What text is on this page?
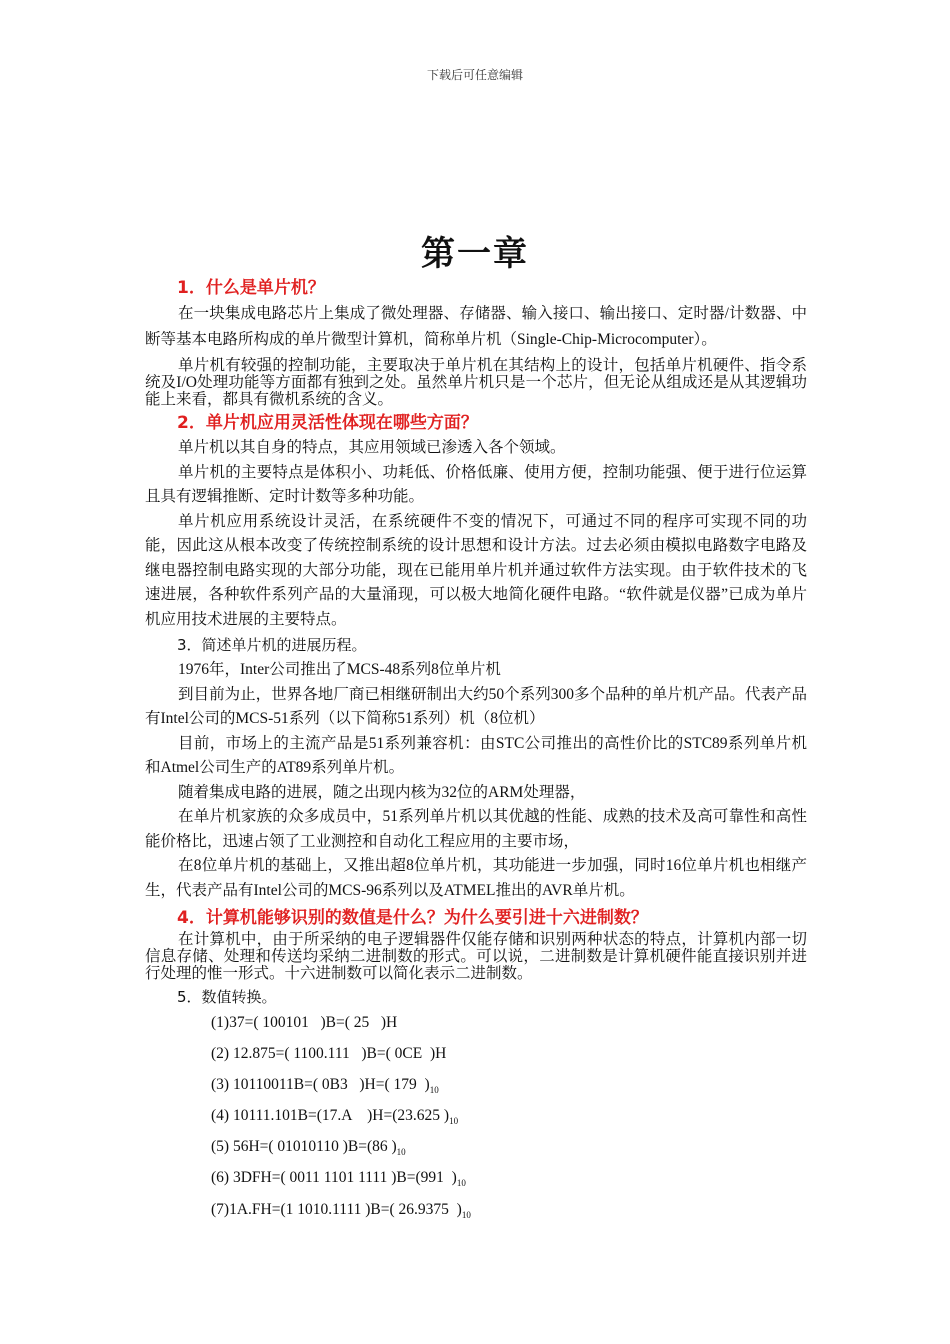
下载后可任意编辑
第一章
1．什么是单片机？

在一块集成电路芯片上集成了微处理器、存储器、输入接口、输出接口、定时器/计数器、中断等基本电路所构成的单片微型计算机，简称单片机（Single-Chip-Microcomputer）。

单片机有较强的控制功能，主要取决于单片机在其结构上的设计，包括单片机硬件、指令系统及I/O处理功能等方面都有独到之处。虽然单片机只是一个芯片，但无论从组成还是从其逻辑功能上来看，都具有微机系统的含义。

2．单片机应用灵活性体现在哪些方面？

单片机以其自身的特点，其应用领域已渗透入各个领域。

单片机的主要特点是体积小、功耗低、价格低廉、使用方便，控制功能强、便于进行位运算且具有逻辑推断、定时计数等多种功能。

单片机应用系统设计灵活，在系统硬件不变的情况下，可通过不同的程序可实现不同的功能，因此这从根本改变了传统控制系统的设计思想和设计方法。过去必须由模拟电路数字电路及继电器控制电路实现的大部分功能，现在已能用单片机并通过软件方法实现。由于软件技术的飞速进展，各种软件系列产品的大量涌现，可以极大地简化硬件电路。“软件就是仪器”已成为单片机应用技术进展的主要特点。

3．简述单片机的进展历程。

1976年，Inter公司推出了MCS-48系列8位单片机

到目前为止，世界各地厂商已相继研制出大约50个系列300多个品种的单片机产品。代表产品有Intel公司的MCS-51系列（以下简称51系列）机（8位机）

目前，市场上的主流产品是51系列兼容机：由STC公司推出的高性价比的STC89系列单片机和Atmel公司生产的AT89系列单片机。

随着集成电路的进展，随之出现内核为32位的ARM处理器，

在单片机家族的众多成员中，51系列单片机以其优越的性能、成熟的技术及高可靠性和高性能价格比，迅速占领了工业测控和自动化工程应用的主要市场，

在8位单片机的基础上，又推出超8位单片机，其功能进一步加强，同时16位单片机也相继产生，代表产品有Intel公司的MCS-96系列以及ATMEL推出的AVR单片机。

4．计算机能够识别的数值是什么？为什么要引进十六进制数？

在计算机中，由于所采纳的电子逻辑器件仅能存储和识别两种状态的特点，计算机内部一切信息存储、处理和传送均采纳二进制数的形式。可以说，二进制数是计算机硬件能直接识别并进行处理的惟一形式。十六进制数可以简化表示二进制数。

5．数值转换。
(1)37=( 100101   )B=( 25   )H
(2) 12.875=( 1100.111   )B=( 0CE  )H
(3) 10110011B=( 0B3   )H=( 179  )$_{10}$
(4) 10111.101B=(17.A    )H=(23.625 )$_{10}$
(5) 56H=( 01010110 )B=(86 )$_{10}$
(6) 3DFH=( 0011 1101 1111 )B=(991  )$_{10}$
(7)1A.FH=(1 1010.1111 )B=( 26.9375  )$_{10}$
